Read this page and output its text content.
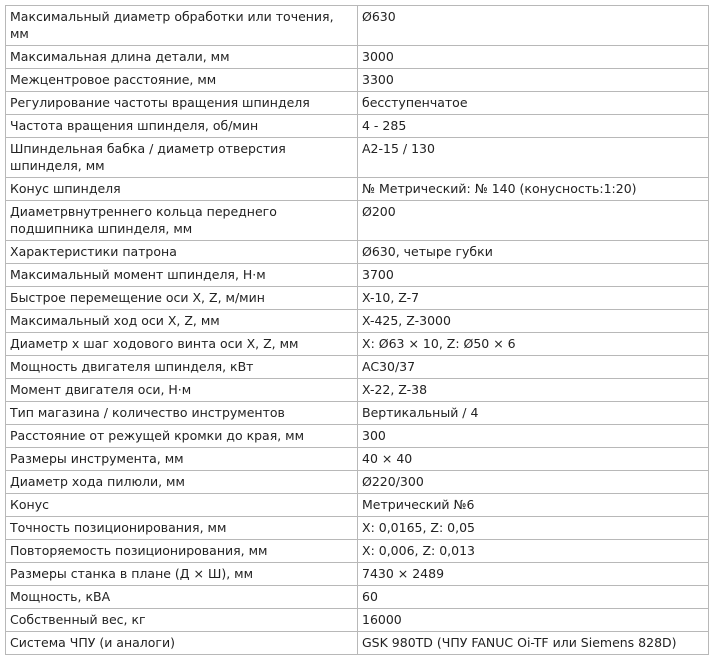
Максимальный диаметр обработки или точения, мм	Ø630
Максимальная длина детали, мм	3000
Межцентровое расстояние, мм	3300
Регулирование частоты вращения шпинделя	бесступенчатое
Частота вращения шпинделя, об/мин	4 - 285
Шпиндельная бабка / диаметр отверстия шпинделя, мм	A2-15 / 130
Конус шпинделя	№ Метрический: № 140 (конусность:1:20)
Диаметрвнутреннего кольца переднего подшипника шпинделя, мм	Ø200
Характеристики патрона	Ø630, четыре губки
Максимальный момент шпинделя, Н·м	3700
Быстрое перемещение оси X, Z, м/мин	X-10, Z-7
Максимальный ход оси X, Z, мм	X-425, Z-3000
Диаметр x шаг ходового винта оси X, Z, мм	X: Ø63 × 10, Z: Ø50 × 6
Мощность двигателя шпинделя, кВт	AC30/37
Момент двигателя оси, Н·м	X-22, Z-38
Тип магазина / количество инструментов	Вертикальный / 4
Расстояние от режущей кромки до края, мм	300
Размеры инструмента, мм	40 × 40
Диаметр хода пилюли, мм	Ø220/300
Конус	Метрический №6
Точность позиционирования, мм	X: 0,0165, Z: 0,05
Повторяемость позиционирования, мм	X: 0,006, Z: 0,013
Размеры станка в плане (Д × Ш), мм	7430 × 2489
Мощность, кВА	60
Собственный вес, кг	16000
Система ЧПУ (и аналоги)	GSK 980TD (ЧПУ FANUC Oi-TF или Siemens 828D)
